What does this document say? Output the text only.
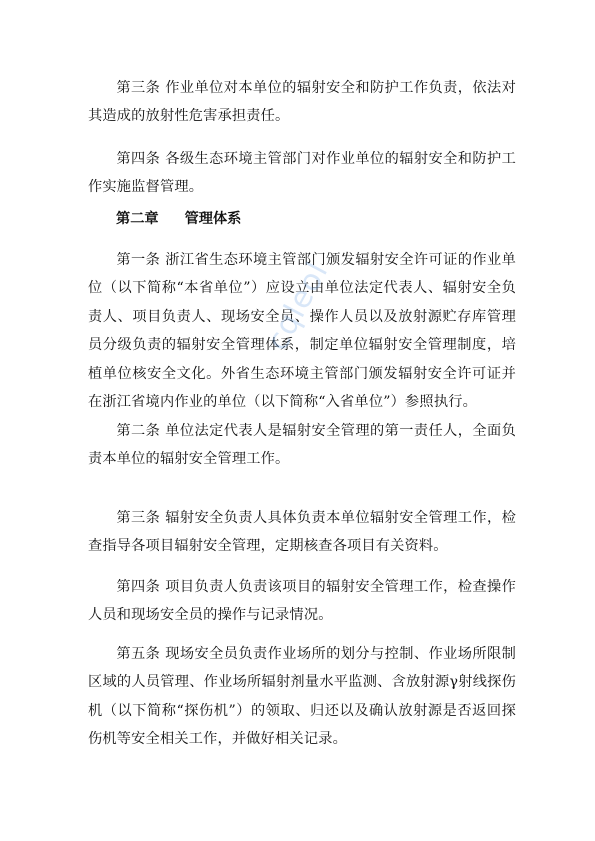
第三条 作业单位对本单位的辐射安全和防护工作负责，依法对其造成的放射性危害承担责任。

第四条 各级生态环境主管部门对作业单位的辐射安全和防护工作实施监督管理。

第二章 管理体系

第一条 浙江省生态环境主管部门颁发辐射安全许可证的作业单位（以下简称“本省单位”）应设立由单位法定代表人、辐射安全负责人、项目负责人、现场安全员、操作人员以及放射源贮存库管理员分级负责的辐射安全管理体系，制定单位辐射安全管理制度，培植单位核安全文化。外省生态环境主管部门颁发辐射安全许可证并在浙江省境内作业的单位（以下简称“入省单位”）参照执行。

第二条 单位法定代表人是辐射安全管理的第一责任人，全面负责本单位的辐射安全管理工作。

第三条 辐射安全负责人具体负责本单位辐射安全管理工作，检查指导各项目辐射安全管理，定期核查各项目有关资料。

第四条 项目负责人负责该项目的辐射安全管理工作，检查操作人员和现场安全员的操作与记录情况。

第五条 现场安全员负责作业场所的划分与控制、作业场所限制区域的人员管理、作业场所辐射剂量水平监测、含放射源γ射线探伤机（以下简称“探伤机”）的领取、归还以及确认放射源是否返回探伤机等安全相关工作，并做好相关记录。

cqleol
